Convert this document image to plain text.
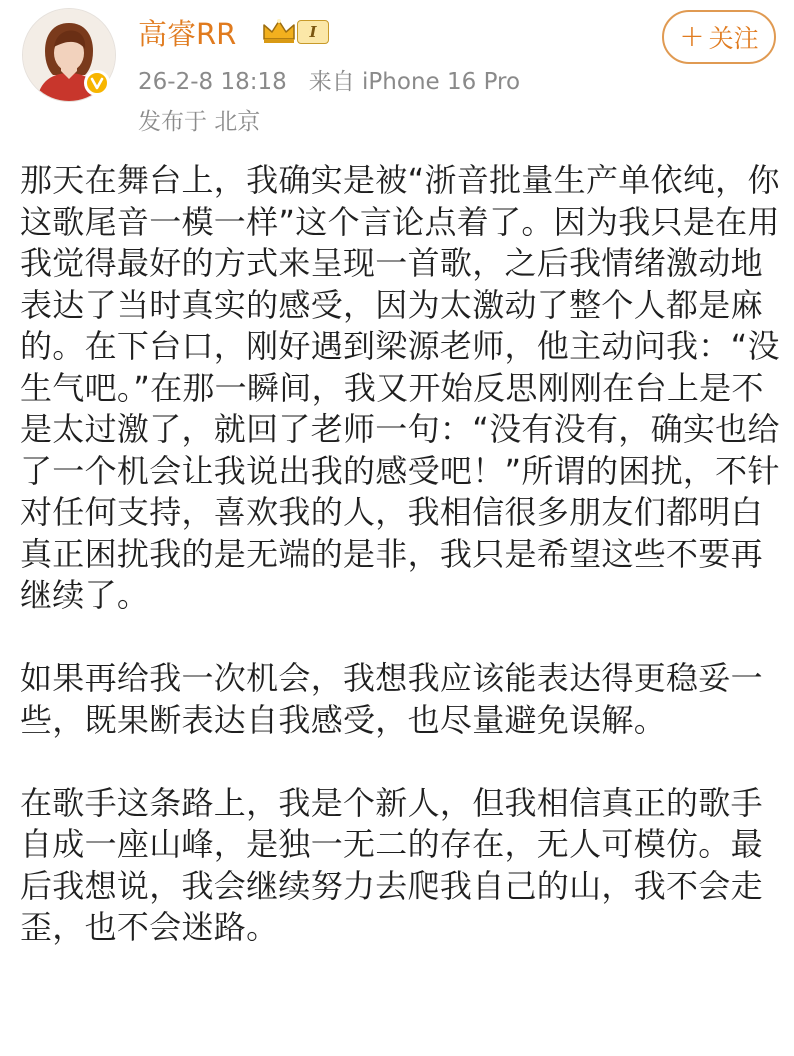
高睿RR	I
26-2-8 18:18 来自 iPhone 16 Pro
发布于 北京
+ 关注

那天在舞台上，我确实是被“浙音批量生产单依纯，你这歌尾音一模一样”这个言论点着了。因为我只是在用我觉得最好的方式来呈现一首歌，之后我情绪激动地表达了当时真实的感受，因为太激动了整个人都是麻的。在下台口，刚好遇到梁源老师，他主动问我：“没生气吧。”在那一瞬间，我又开始反思刚刚在台上是不是太过激了，就回了老师一句：“没有没有，确实也给了一个机会让我说出我的感受吧！”所谓的困扰，不针对任何支持，喜欢我的人，我相信很多朋友们都明白真正困扰我的是无端的是非，我只是希望这些不要再继续了。

如果再给我一次机会，我想我应该能表达得更稳妥一些，既果断表达自我感受，也尽量避免误解。

在歌手这条路上，我是个新人，但我相信真正的歌手自成一座山峰，是独一无二的存在，无人可模仿。最后我想说，我会继续努力去爬我自己的山，我不会走歪，也不会迷路。
